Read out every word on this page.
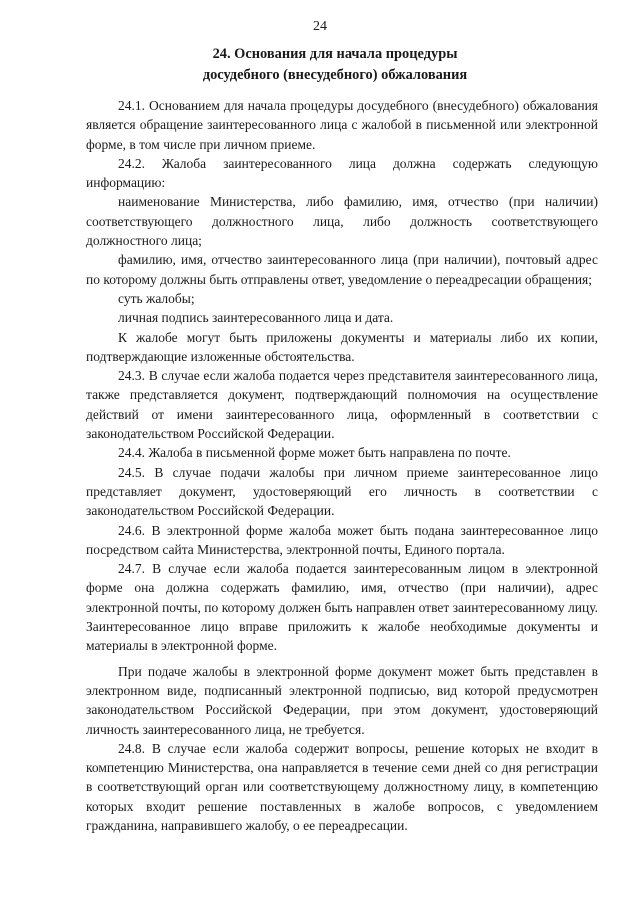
24
24. Основания для начала процедуры
досудебного (внесудебного) обжалования

24.1. Основанием для начала процедуры досудебного (внесудебного) обжалования является обращение заинтересованного лица с жалобой в письменной или электронной форме, в том числе при личном приеме.

24.2. Жалоба заинтересованного лица должна содержать следующую информацию:

наименование Министерства, либо фамилию, имя, отчество (при наличии) соответствующего должностного лица, либо должность соответствующего должностного лица;

фамилию, имя, отчество заинтересованного лица (при наличии), почтовый адрес по которому должны быть отправлены ответ, уведомление о переадресации обращения;

суть жалобы;

личная подпись заинтересованного лица и дата.

К жалобе могут быть приложены документы и материалы либо их копии, подтверждающие изложенные обстоятельства.

24.3. В случае если жалоба подается через представителя заинтересованного лица, также представляется документ, подтверждающий полномочия на осуществление действий от имени заинтересованного лица, оформленный в соответствии с законодательством Российской Федерации.

24.4. Жалоба в письменной форме может быть направлена по почте.

24.5. В случае подачи жалобы при личном приеме заинтересованное лицо представляет документ, удостоверяющий его личность в соответствии с законодательством Российской Федерации.

24.6. В электронной форме жалоба может быть подана заинтересованное лицо посредством сайта Министерства, электронной почты, Единого портала.

24.7. В случае если жалоба подается заинтересованным лицом в электронной форме она должна содержать фамилию, имя, отчество (при наличии), адрес электронной почты, по которому должен быть направлен ответ заинтересованному лицу. Заинтересованное лицо вправе приложить к жалобе необходимые документы и материалы в электронной форме.

При подаче жалобы в электронной форме документ может быть представлен в электронном виде, подписанный электронной подписью, вид которой предусмотрен законодательством Российской Федерации, при этом документ, удостоверяющий личность заинтересованного лица, не требуется.

24.8. В случае если жалоба содержит вопросы, решение которых не входит в компетенцию Министерства, она направляется в течение семи дней со дня регистрации в соответствующий орган или соответствующему должностному лицу, в компетенцию которых входит решение поставленных в жалобе вопросов, с уведомлением гражданина, направившего жалобу, о ее переадресации.
